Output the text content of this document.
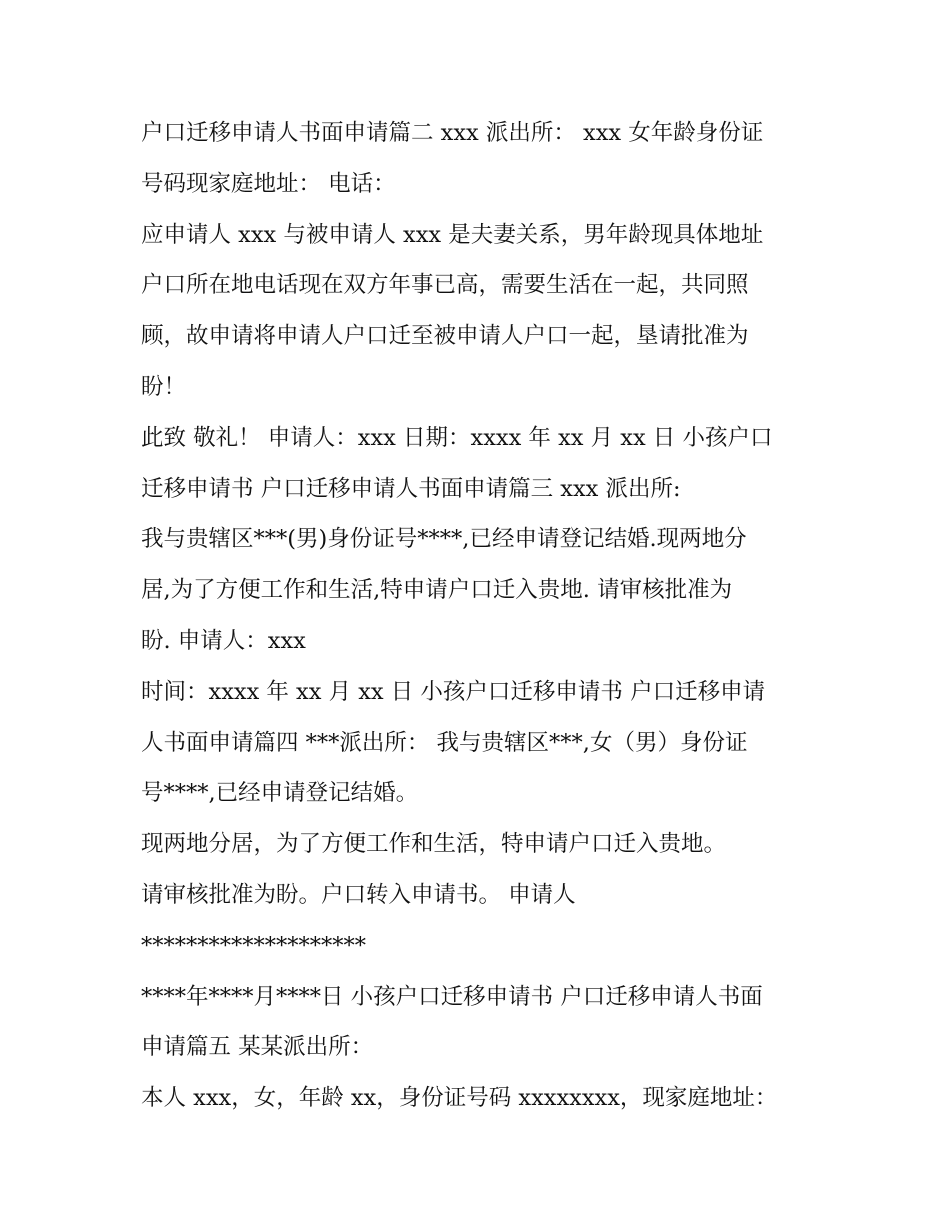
户口迁移申请人书面申请篇二 xxx 派出所： xxx 女年龄身份证
号码现家庭地址： 电话：
应申请人 xxx 与被申请人 xxx 是夫妻关系，男年龄现具体地址
户口所在地电话现在双方年事已高，需要生活在一起，共同照
顾，故申请将申请人户口迁至被申请人户口一起，垦请批准为
盼！
此致 敬礼！ 申请人：xxx 日期：xxxx 年 xx 月 xx 日 小孩户口
迁移申请书 户口迁移申请人书面申请篇三 xxx 派出所:
我与贵辖区***(男)身份证号****,已经申请登记结婚.现两地分
居,为了方便工作和生活,特申请户口迁入贵地. 请审核批准为
盼. 申请人：xxx
时间：xxxx 年 xx 月 xx 日 小孩户口迁移申请书 户口迁移申请
人书面申请篇四 ***派出所： 我与贵辖区***,女（男）身份证
号****,已经申请登记结婚。
现两地分居，为了方便工作和生活，特申请户口迁入贵地。
请审核批准为盼。户口转入申请书。 申请人
********************
****年****月****日 小孩户口迁移申请书 户口迁移申请人书面
申请篇五 某某派出所：
本人 xxx，女，年龄 xx，身份证号码 xxxxxxxx，现家庭地址：
